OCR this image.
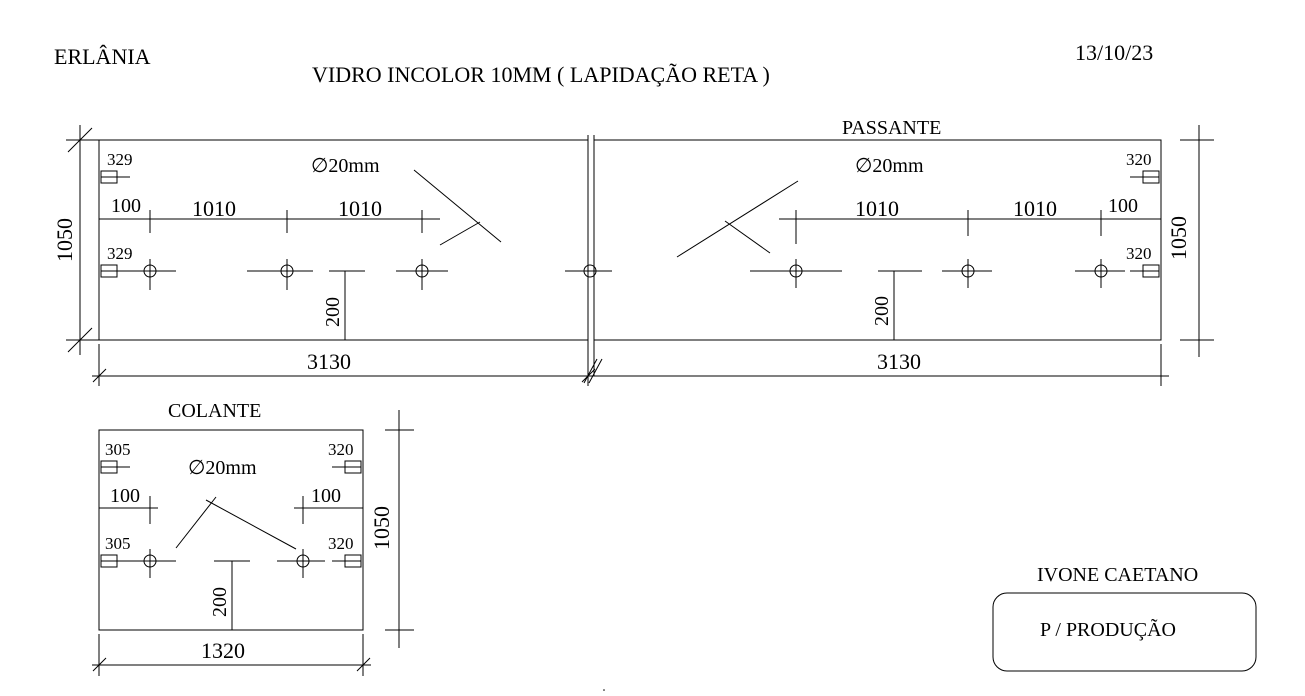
ERLÂNIA
VIDRO INCOLOR 10MM ( LAPIDAÇÃO RETA )
13/10/23
1050
3130
329
329
100 1010	1010
200
∅20mm
PASSANTE
1050
3130
320
320
1010	1010	100
200
∅20mm
COLANTE
1050
1320
305
305
320
320
100	100
200
∅20mm
IVONE CAETANO
P / PRODUÇÃO
